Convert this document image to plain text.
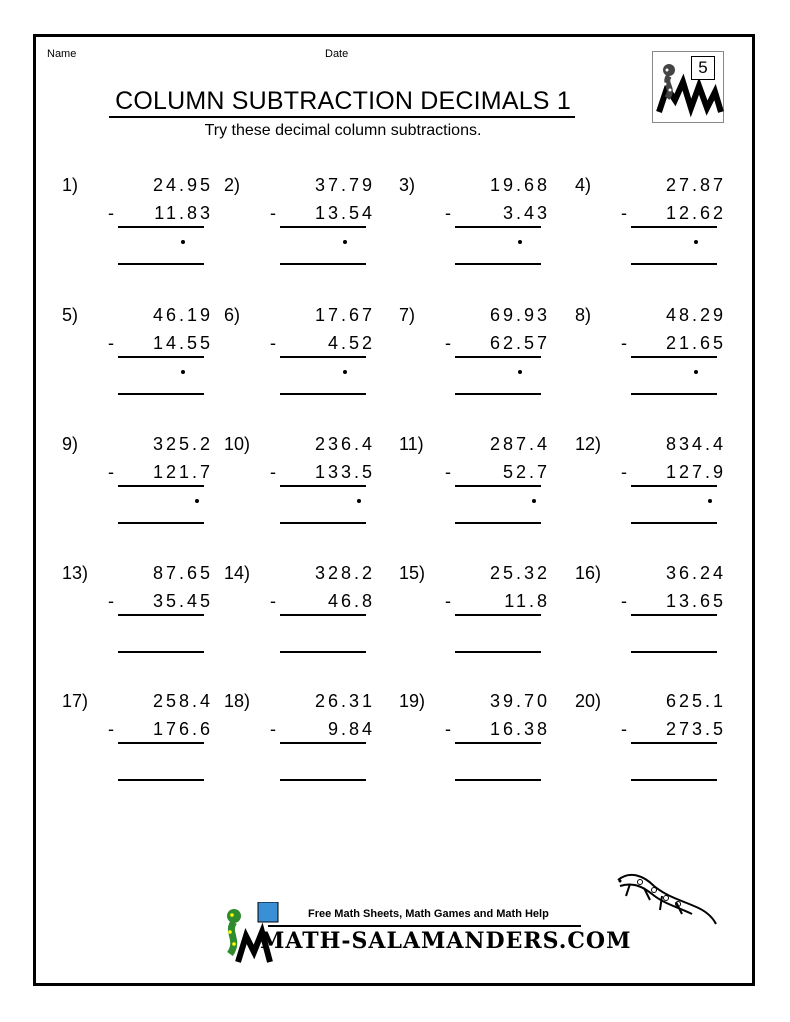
Name	Date
COLUMN SUBTRACTION DECIMALS 1
Try these decimal column subtractions.
5
1)	24.95
- 11.83
2)	37.79
- 13.54
3)	19.68
-	3.43
4)	27.87
- 12.62
5)	46.19
- 14.55
6)	17.67
-	4.52
7)	69.93
- 62.57
8)	48.29
- 21.65
9)	325.2
- 121.7
10)	236.4
- 133.5
11)	287.4
-	52.7
12)	834.4
- 127.9
13)	87.65
- 35.45
14)	328.2
-	46.8
15)	25.32
-	11.8
16)	36.24
- 13.65
17)	258.4
- 176.6
18)	26.31
-	9.84
19)	39.70
- 16.38
20)	625.1
- 273.5
Free Math Sheets, Math Games and Math Help
MATH-SALAMANDERS.COM
